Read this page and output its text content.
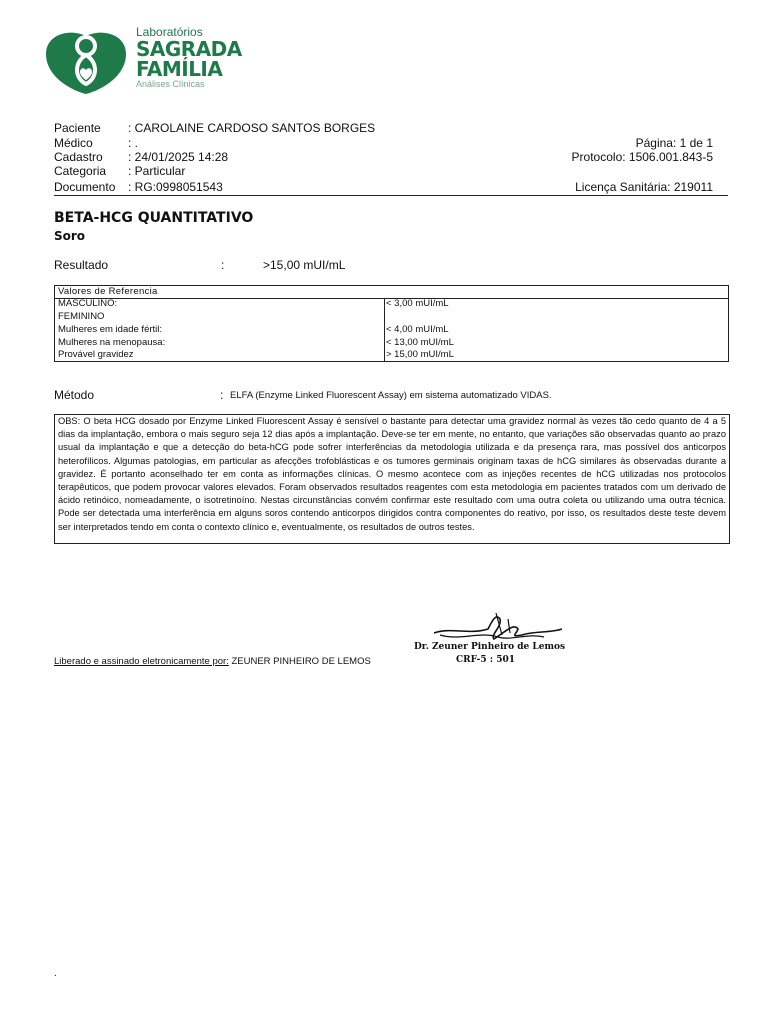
Laboratórios
SAGRADA
FAMÍLIA
Análises Clínicas
Paciente : CAROLAINE CARDOSO SANTOS BORGES
Médico	: .
Cadastro : 24/01/2025 14:28
Categoria : Particular
Documento : RG:0998051543
Página: 1 de 1
Protocolo: 1506.001.843-5
Licença Sanitária: 219011
BETA-HCG QUANTITATIVO
Soro
Resultado	:	>15,00 mUI/mL
Valores de Referencia
MASCULINO:	< 3,00 mUI/mL
FEMININO
Mulheres em idade fértil:	< 4,00 mUI/mL
Mulheres na menopausa:	< 13,00 mUI/mL
Provável gravidez	> 15,00 mUI/mL
Método	: ELFA (Enzyme Linked Fluorescent Assay) em sistema automatizado VIDAS.
OBS: O beta HCG dosado por Enzyme Linked Fluorescent Assay é sensível o bastante para detectar uma gravidez normal às vezes tão cedo quanto de 4 a 5 dias da implantação, embora o mais seguro seja 12 dias após a implantação. Deve-se ter em mente, no entanto, que variações são observadas quanto ao prazo usual da implantação e que a detecção do beta-hCG pode sofrer interferências da metodologia utilizada e da presença rara, mas possível dos anticorpos heterofílicos. Algumas patologias, em particular as afecções trofoblásticas e os tumores germinais originam taxas de hCG similares às observadas durante a gravidez. É portanto aconselhado ter em conta as informações clínicas. O mesmo acontece com as injeções recentes de hCG utilizadas nos protocolos terapêuticos, que podem provocar valores elevados. Foram observados resultados reagentes com esta metodologia em pacientes tratados com um derivado de ácido retinóico, nomeadamente, o isotretinoíno. Nestas circunstâncias convém confirmar este resultado com uma outra coleta ou utilizando uma outra técnica. Pode ser detectada uma interferência em alguns soros contendo anticorpos dirigidos contra componentes do reativo, por isso, os resultados deste teste devem ser interpretados tendo em conta o contexto clínico e, eventualmente, os resultados de outros testes.
Dr. Zeuner Pinheiro de Lemos
CRF-5 : 501
Liberado e assinado eletronicamente por: ZEUNER PINHEIRO DE LEMOS
.
